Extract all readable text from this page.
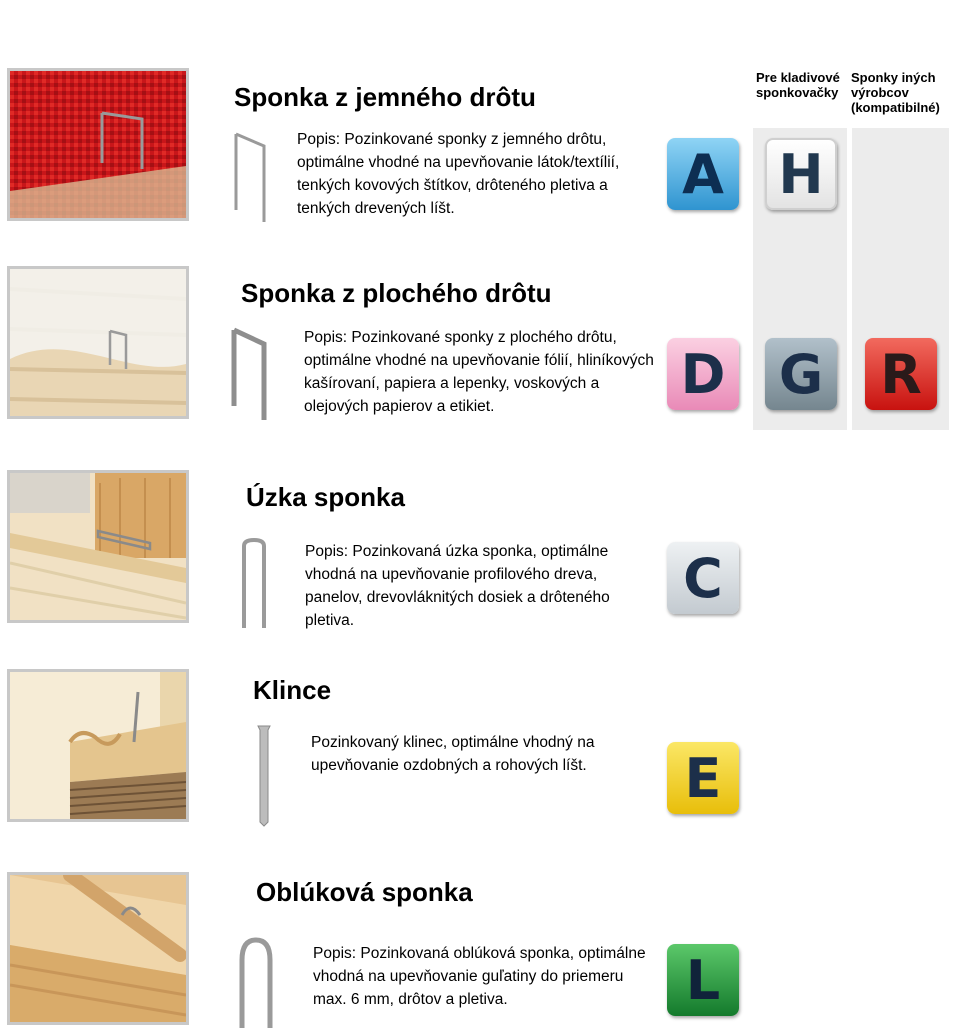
Pre kladivové sponkovačky
Sponky iných výrobcov (kompatibilné)
Sponka z jemného drôtu
Popis: Pozinkované sponky z jemného drôtu, optimálne vhodné na upevňovanie látok/textílií, tenkých kovových štítkov, drôteného pletiva a tenkých drevených líšt.
A H
Sponka z plochého drôtu
Popis: Pozinkované sponky z plochého drôtu, optimálne vhodné na upevňovanie fólií, hliníkových kašírovaní, papiera a lepenky, voskových a olejových papierov a etikiet.
D G R
Úzka sponka
Popis: Pozinkovaná úzka sponka, optimálne vhodná na upevňovanie profilového dreva, panelov, drevovláknitých dosiek a drôteného pletiva.
C
Klince
Pozinkovaný klinec, optimálne vhodný na upevňovanie ozdobných a rohových líšt.	E
Oblúková sponka
Popis: Pozinkovaná oblúková sponka, optimálne vhodná na upevňovanie guľatiny do priemeru max. 6 mm, drôtov a pletiva.	L
